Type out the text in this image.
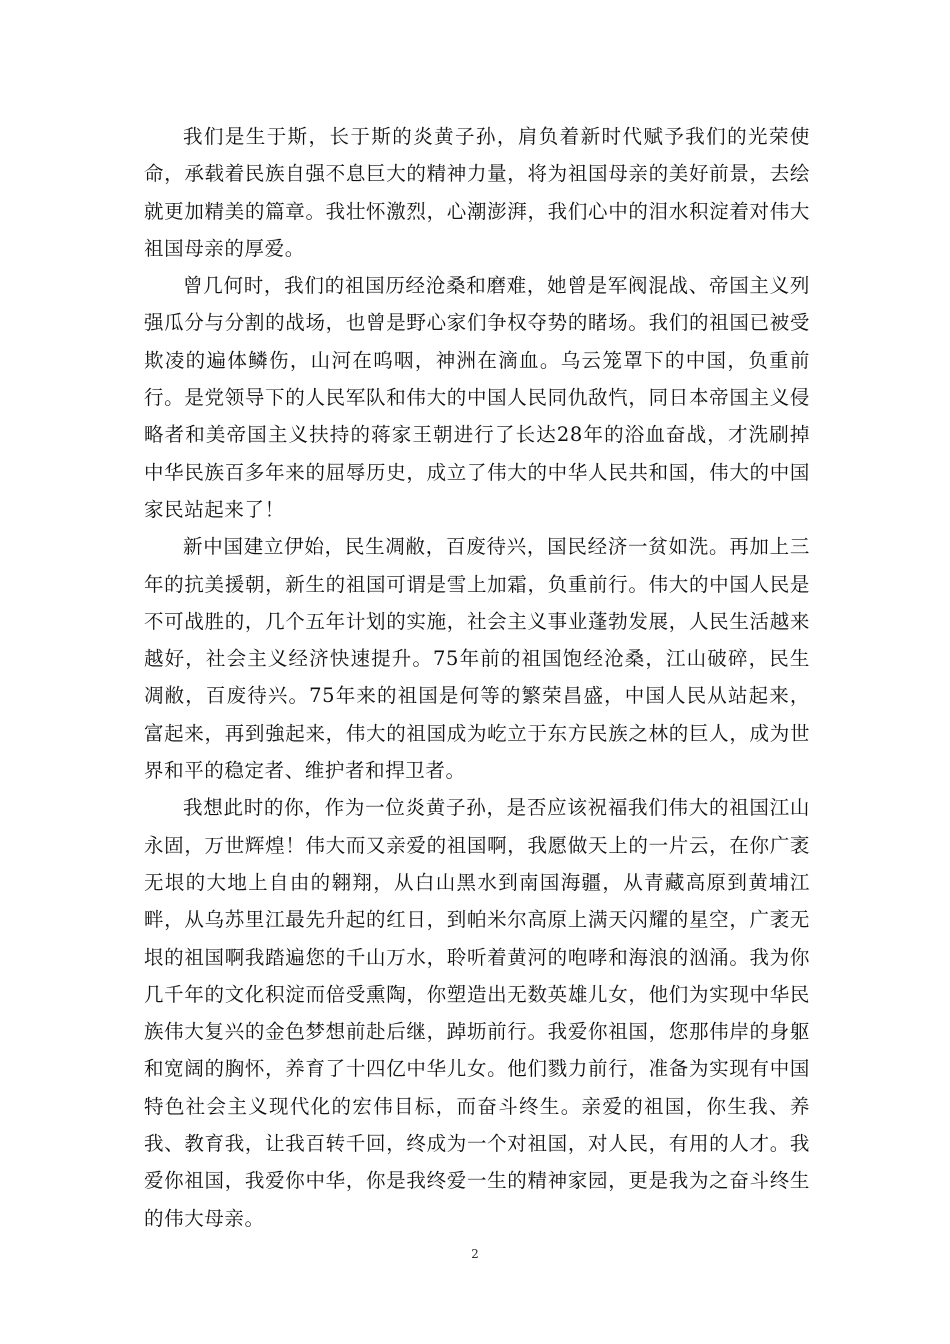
我们是生于斯，长于斯的炎黄子孙，肩负着新时代赋予我们的光荣使命，承载着民族自强不息巨大的精神力量，将为祖国母亲的美好前景，去绘就更加精美的篇章。我壮怀激烈，心潮澎湃，我们心中的泪水积淀着对伟大祖国母亲的厚爱。

曾几何时，我们的祖国历经沧桑和磨难，她曾是军阀混战、帝国主义列强瓜分与分割的战场，也曾是野心家们争权夺势的睹场。我们的祖国已被受欺凌的遍体鳞伤，山河在呜咽，神洲在滴血。乌云笼罩下的中国，负重前行。是党领导下的人民军队和伟大的中国人民同仇敌忾，同日本帝国主义侵略者和美帝国主义扶持的蒋家王朝进行了长达28年的浴血奋战，才洗刷掉中华民族百多年来的屈辱历史，成立了伟大的中华人民共和国，伟大的中国家民站起来了！

新中国建立伊始，民生凋敝，百废待兴，国民经济一贫如洗。再加上三年的抗美援朝，新生的祖国可谓是雪上加霜，负重前行。伟大的中国人民是不可战胜的，几个五年计划的实施，社会主义事业蓬勃发展，人民生活越来越好，社会主义经济快速提升。75年前的祖国饱经沧桑，江山破碎，民生凋敝，百废待兴。75年来的祖国是何等的繁荣昌盛，中国人民从站起来，富起来，再到強起来，伟大的祖国成为屹立于东方民族之林的巨人，成为世界和平的稳定者、维护者和捍卫者。

我想此时的你，作为一位炎黄子孙，是否应该祝福我们伟大的祖国江山永固，万世辉煌！伟大而又亲爱的祖国啊，我愿做天上的一片云，在你广袤无垠的大地上自由的翱翔，从白山黑水到南国海疆，从青藏高原到黄埔江畔，从乌苏里江最先升起的红日，到帕米尔高原上满天闪耀的星空，广袤无垠的祖国啊我踏遍您的千山万水，聆听着黄河的咆哮和海浪的汹涌。我为你几千年的文化积淀而倍受熏陶，你塑造出无数英雄儿女，他们为实现中华民族伟大复兴的金色梦想前赴后继，踔坜前行。我爱你祖国，您那伟岸的身躯和宽阔的胸怀，养育了十四亿中华儿女。他们戮力前行，准备为实现有中国特色社会主义现代化的宏伟目标，而奋斗终生。亲爱的祖国，你生我、养我、教育我，让我百转千回，终成为一个对祖国，对人民，有用的人才。我爱你祖国，我爱你中华，你是我终爱一生的精神家园，更是我为之奋斗终生的伟大母亲。

2
